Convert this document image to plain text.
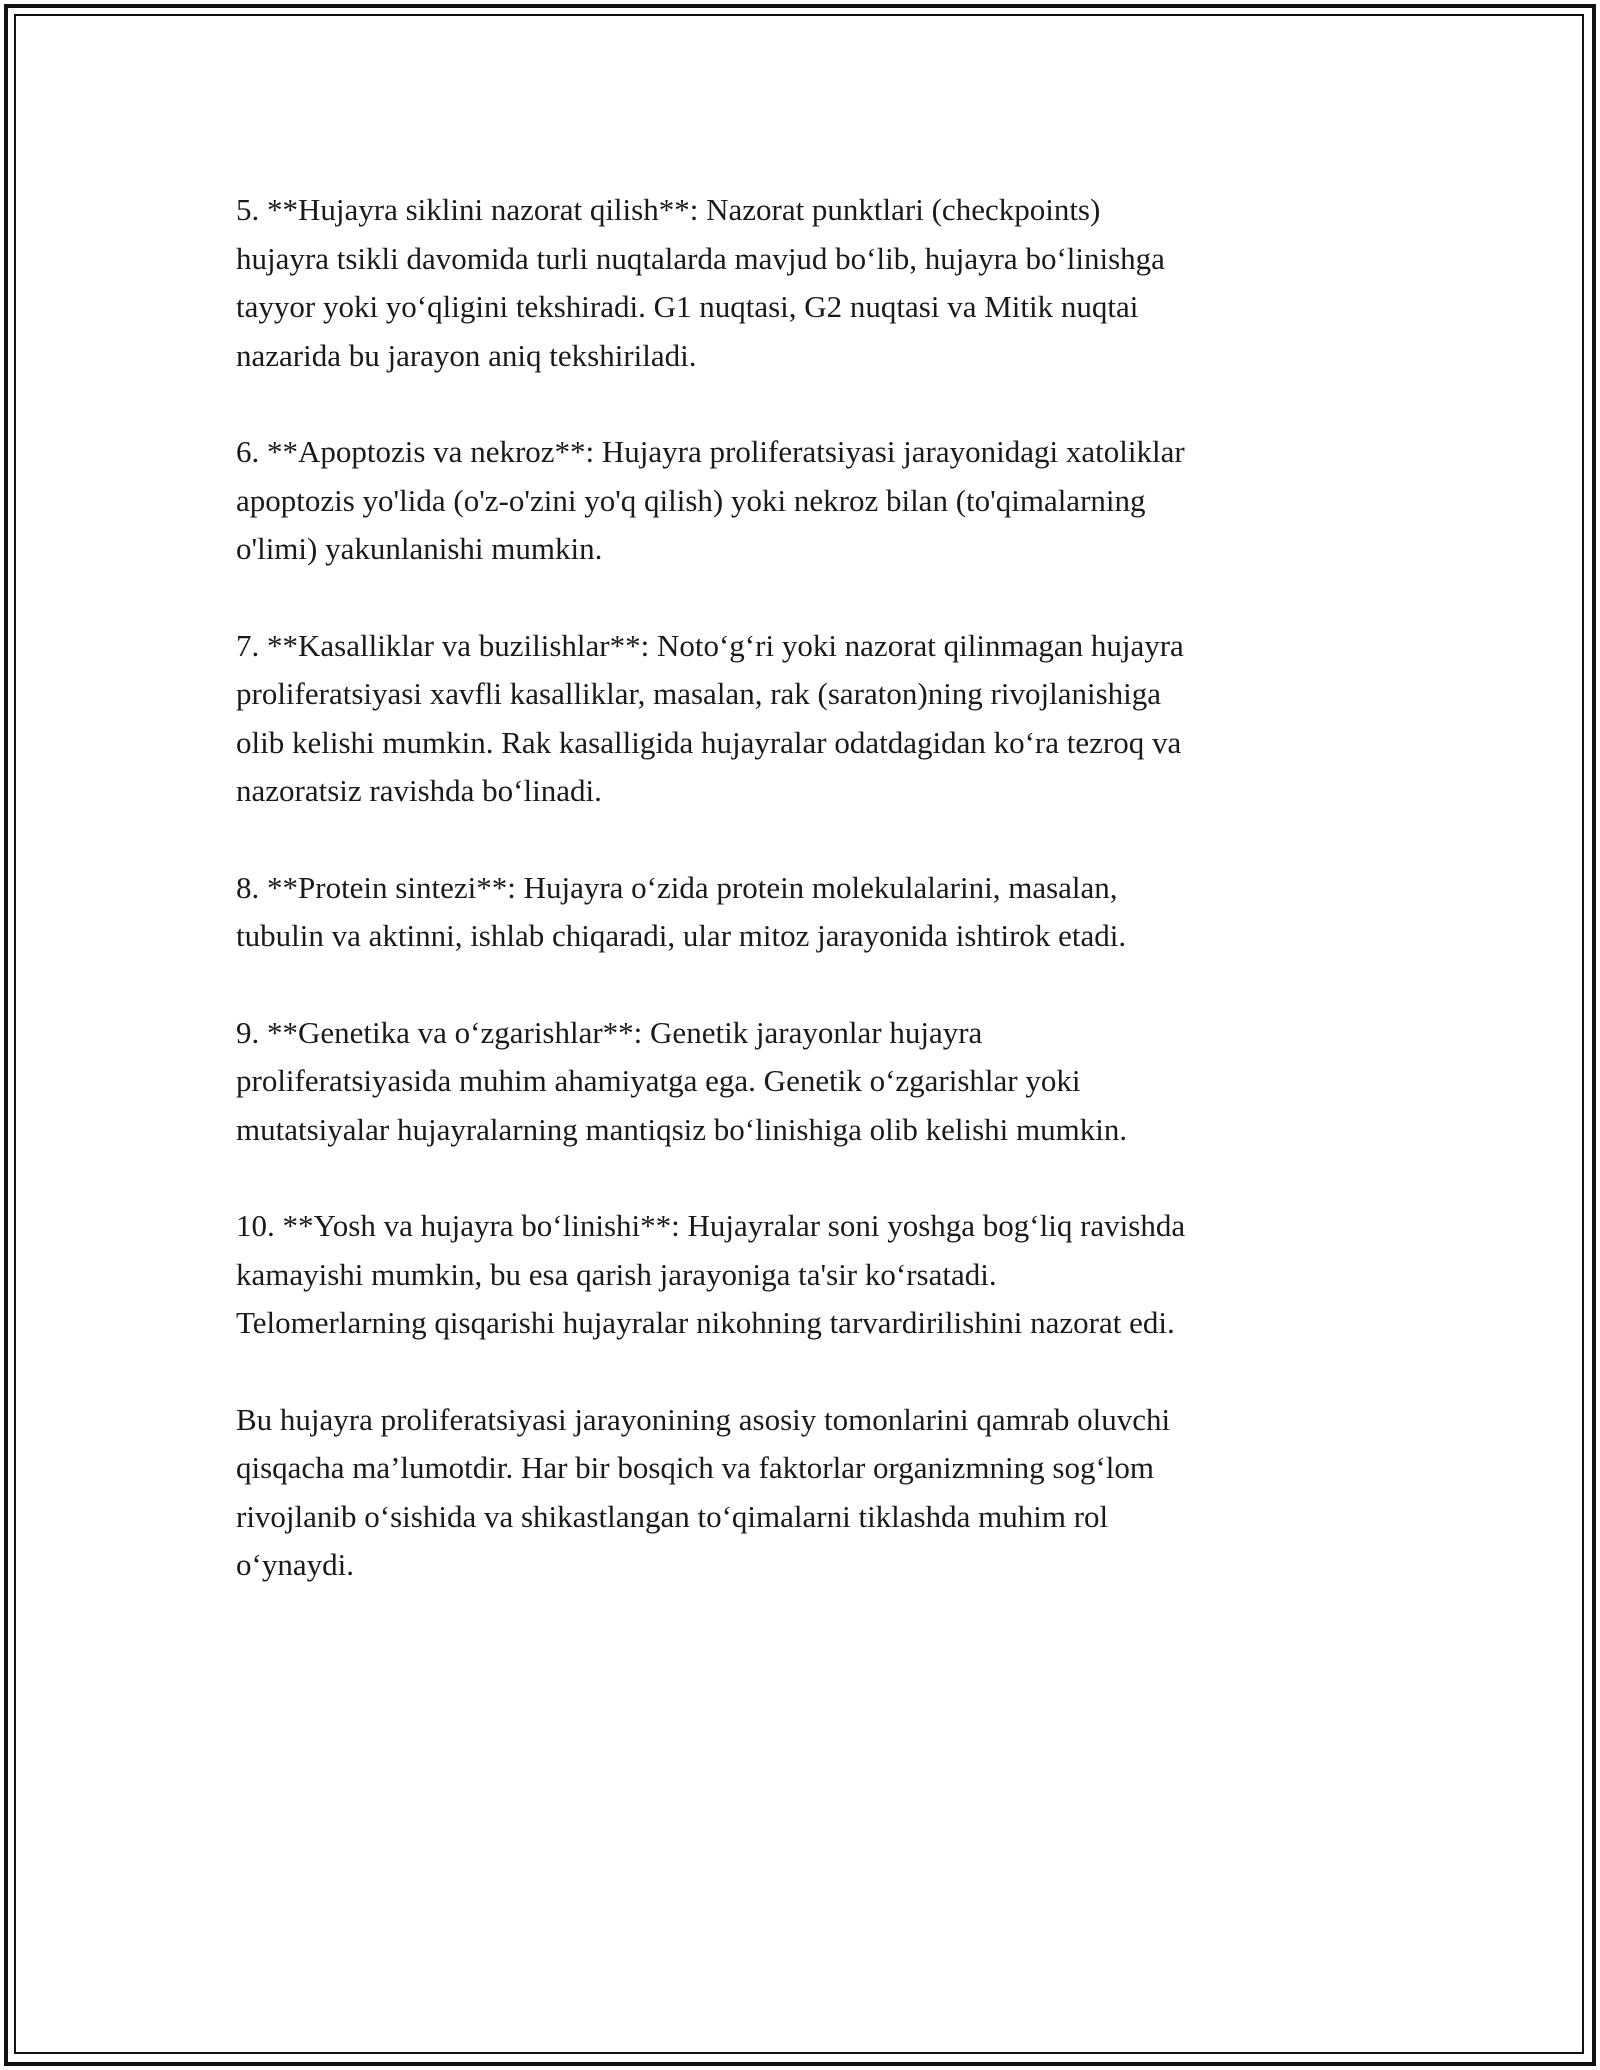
5. **Hujayra siklini nazorat qilish**: Nazorat punktlari (checkpoints)
hujayra tsikli davomida turli nuqtalarda mavjud bo‘lib, hujayra bo‘linishga
tayyor yoki yo‘qligini tekshiradi. G1 nuqtasi, G2 nuqtasi va Mitik nuqtai
nazarida bu jarayon aniq tekshiriladi.

6. **Apoptozis va nekroz**: Hujayra proliferatsiyasi jarayonidagi xatoliklar
apoptozis yo'lida (o'z-o'zini yo'q qilish) yoki nekroz bilan (to'qimalarning
o'limi) yakunlanishi mumkin.

7. **Kasalliklar va buzilishlar**: Noto‘g‘ri yoki nazorat qilinmagan hujayra
proliferatsiyasi xavfli kasalliklar, masalan, rak (saraton)ning rivojlanishiga
olib kelishi mumkin. Rak kasalligida hujayralar odatdagidan ko‘ra tezroq va
nazoratsiz ravishda bo‘linadi.

8. **Protein sintezi**: Hujayra o‘zida protein molekulalarini, masalan,
tubulin va aktinni, ishlab chiqaradi, ular mitoz jarayonida ishtirok etadi.

9. **Genetika va o‘zgarishlar**: Genetik jarayonlar hujayra
proliferatsiyasida muhim ahamiyatga ega. Genetik o‘zgarishlar yoki
mutatsiyalar hujayralarning mantiqsiz bo‘linishiga olib kelishi mumkin.

10. **Yosh va hujayra bo‘linishi**: Hujayralar soni yoshga bog‘liq ravishda
kamayishi mumkin, bu esa qarish jarayoniga ta'sir ko‘rsatadi.
Telomerlarning qisqarishi hujayralar nikohning tarvardirilishini nazorat edi.

Bu hujayra proliferatsiyasi jarayonining asosiy tomonlarini qamrab oluvchi
qisqacha ma’lumotdir. Har bir bosqich va faktorlar organizmning sog‘lom
rivojlanib o‘sishida va shikastlangan to‘qimalarni tiklashda muhim rol
o‘ynaydi.
